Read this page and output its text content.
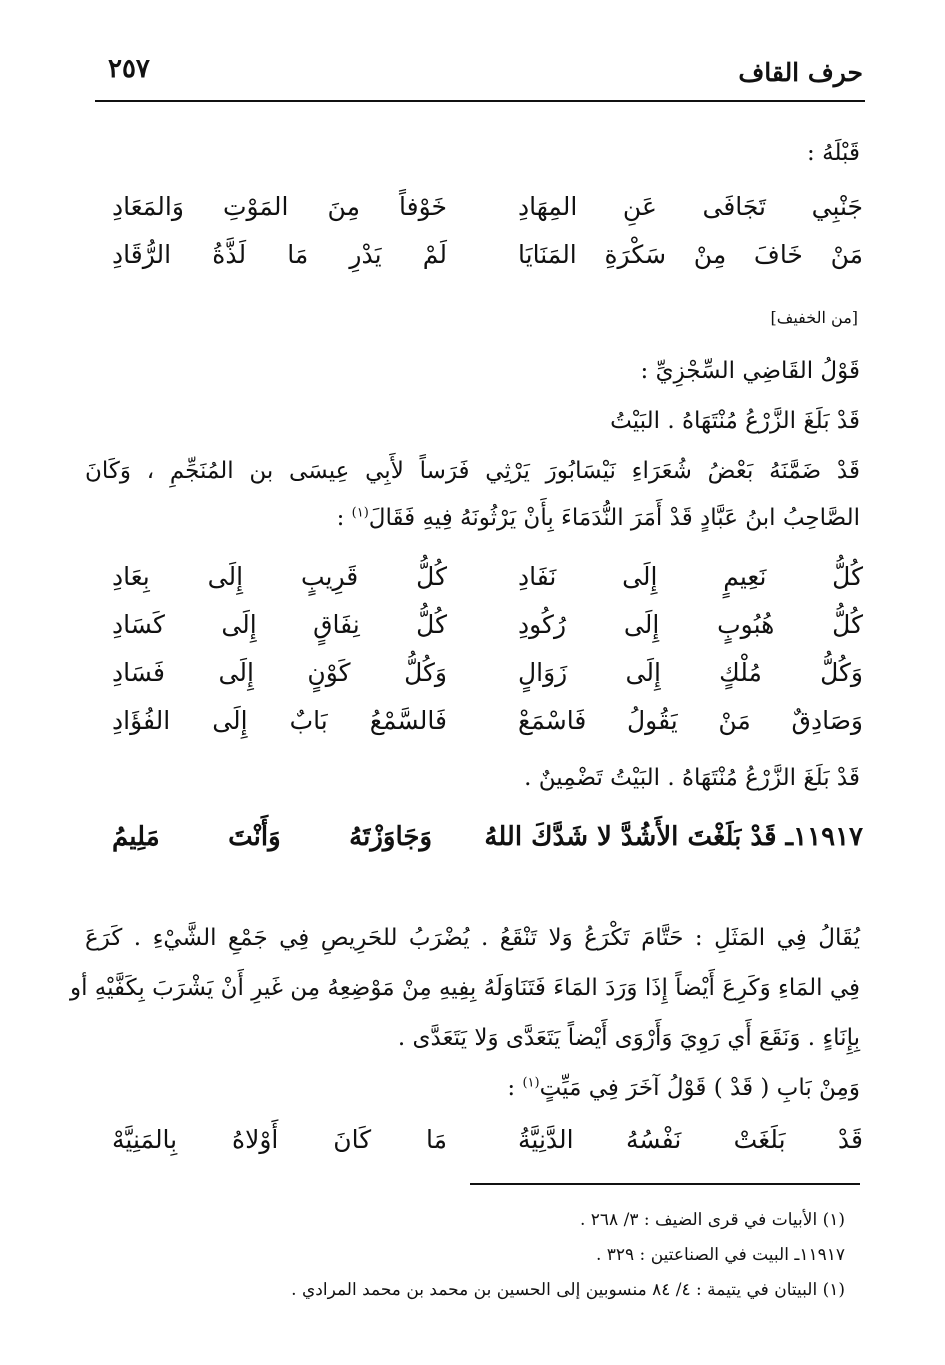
حرف القاف
٢٥٧
قَبْلَهُ :
جَنْبِي تَجَافَى عَنِ المِهَادِ
خَوْفاً مِنَ المَوْتِ وَالمَعَادِ
مَنْ خَافَ مِنْ سَكْرَةِ المَنَايَا
لَمْ يَدْرِ مَا لَذَّةُ الرُّقَادِ
[من الخفيف]
قَوْلُ القَاضِي السِّجْزِيِّ :
قَدْ بَلَغَ الزَّرْعُ مُنْتَهَاهُ . البَيْتُ
قَدْ ضَمَّنَهُ بَعْضُ شُعَرَاءِ نَيْسَابُورَ يَرْثِي فَرَساً لأَبِي عِيسَى بن المُنَجِّمِ ، وَكَانَ
الصَّاحِبُ ابنُ عَبَّادٍ قَدْ أَمَرَ النُّدَمَاءَ بِأَنْ يَرْثُونَهُ فِيهِ فَقَالَ$^{(١)}$ :
كُلُّ نَعِيمٍ إِلَى نَفَادِ
كُلُّ قَرِيبٍ إِلَى بِعَادِ
كُلُّ هُبُوبٍ إِلَى رُكُودِ
كُلُّ نِفَاقٍ إِلَى كَسَادِ
وَكُلُّ مُلْكٍ إِلَى زَوَالٍ
وَكُلُّ كَوْنٍ إِلَى فَسَادِ
وَصَادِقٌ مَنْ يَقُولُ فَاسْمَعْ
فَالسَّمْعُ بَابٌ إِلَى الفُؤَادِ
قَدْ بَلَغَ الزَّرْعُ مُنْتَهَاهُ . البَيْتُ تَضْمِينٌ .
١١٩١٧ـ قَدْ بَلَغْتَ الأَشُدَّ لا شَدَّكَ اللهُ
وَجَاوَزْتَهُ وَأَنْتَ مَلِيمُ
يُقَالُ فِي المَثَلِ : حَتَّامَ تَكْرَعُ وَلا تَنْقَعُ . يُضْرَبُ للحَرِيصِ فِي جَمْعِ الشَّيْءِ . كَرَعَ
فِي المَاءِ وَكَرِعَ أَيْضاً إِذَا وَرَدَ المَاءَ فَتَنَاوَلَهُ بِفِيهِ مِنْ مَوْضِعِهُ مِن غَيرِ أَنْ يَشْرَبَ بِكَفَّيْهِ أو
بِإِنَاءٍ . وَنَقَعَ أَي رَوِيَ وَأَرْوَى أَيْضاً يَتَعَدَّى وَلا يَتَعَدَّى .
وَمِنْ بَابِ ( قَدْ ) قَوْلُ آخَرَ فِي مَيِّتٍ$^{(١)}$ :
قَدْ بَلَغَتْ نَفْسُهُ الدَّنِيَّةُ
مَا كَانَ أَوْلاهُ بِالمَنِيَّهْ
(١) الأبيات في قرى الضيف : ٣/ ٢٦٨ .
١١٩١٧ـ البيت في الصناعتين : ٣٢٩ .
(١) البيتان في يتيمة : ٤/ ٨٤ منسوبين إلى الحسين بن محمد بن محمد المرادي .
